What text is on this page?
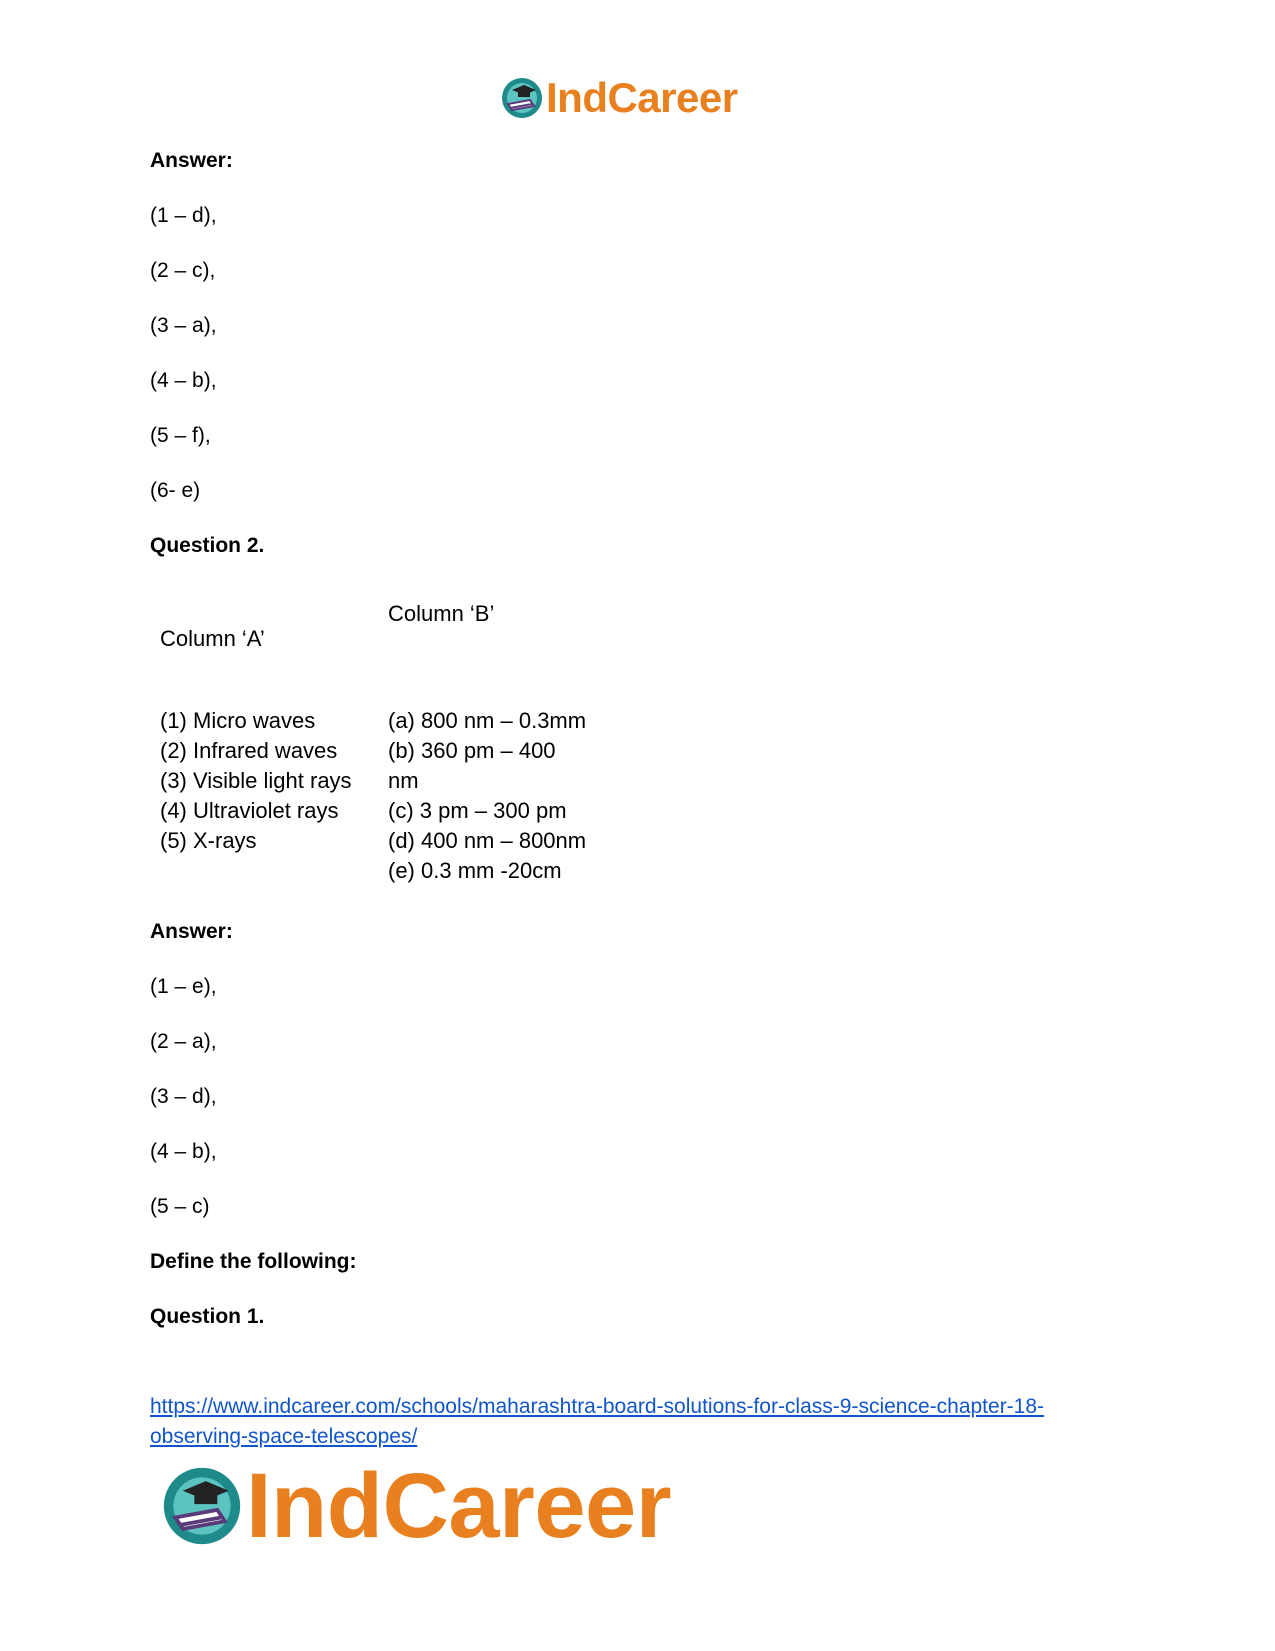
IndCareer
Answer:
(1 – d),
(2 – c),
(3 – a),
(4 – b),
(5 – f),
(6- e)
Question 2.
Column ‘A’
Column ‘B’
(1) Micro waves
(2) Infrared waves
(3) Visible light rays
(4) Ultraviolet rays
(5) X-rays
(a) 800 nm – 0.3mm
(b) 360 pm – 400
nm
(c) 3 pm – 300 pm
(d) 400 nm – 800nm
(e) 0.3 mm -20cm
Answer:
(1 – e),
(2 – a),
(3 – d),
(4 – b),
(5 – c)
Define the following:
Question 1.
https://www.indcareer.com/schools/maharashtra-board-solutions-for-class-9-science-chapter-18-
observing-space-telescopes/
IndCareer
